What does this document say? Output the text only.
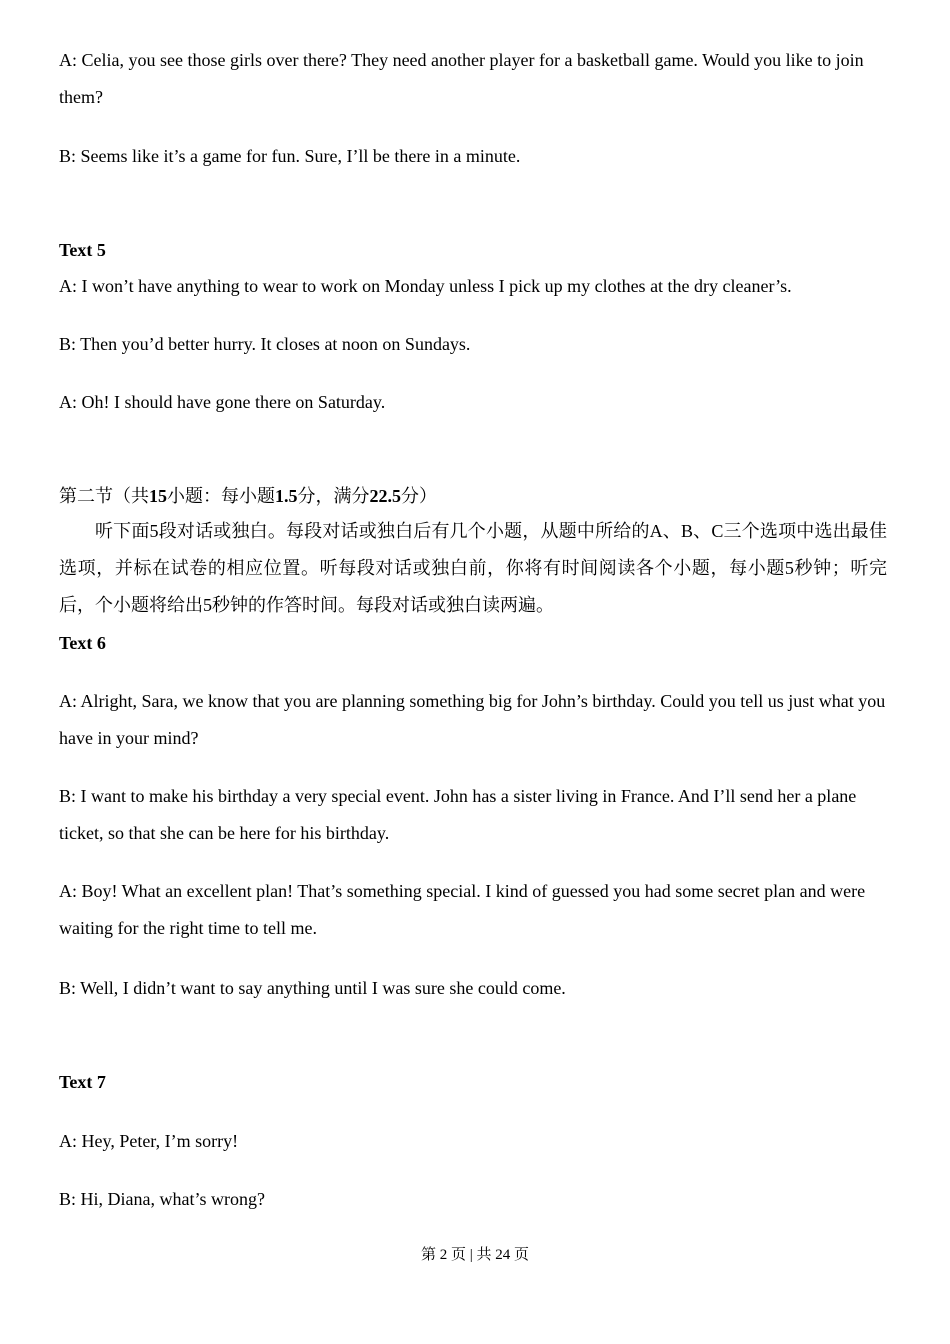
A: Celia, you see those girls over there? They need another player for a basketball game. Would you like to join them?
B: Seems like it’s a game for fun. Sure, I’ll be there in a minute.
Text 5
A: I won’t have anything to wear to work on Monday unless I pick up my clothes at the dry cleaner’s.
B: Then you’d better hurry. It closes at noon on Sundays.
A: Oh! I should have gone there on Saturday.
第二节（共15小题：每小题1.5分，满分22.5分）
听下面5段对话或独白。每段对话或独白后有几个小题，从题中所给的A、B、C三个选项中选出最佳选项，并标在试卷的相应位置。听每段对话或独白前，你将有时间阅读各个小题，每小题5秒钟；听完后，个小题将给出5秒钟的作答时间。每段对话或独白读两遍。
Text 6
A: Alright, Sara, we know that you are planning something big for John’s birthday. Could you tell us just what you have in your mind?
B: I want to make his birthday a very special event. John has a sister living in France. And I’ll send her a plane ticket, so that she can be here for his birthday.
A: Boy! What an excellent plan! That’s something special. I kind of guessed you had some secret plan and were waiting for the right time to tell me.
B: Well, I didn’t want to say anything until I was sure she could come.
Text 7
A: Hey, Peter, I’m sorry!
B: Hi, Diana, what’s wrong?
第 2 页 | 共 24 页
